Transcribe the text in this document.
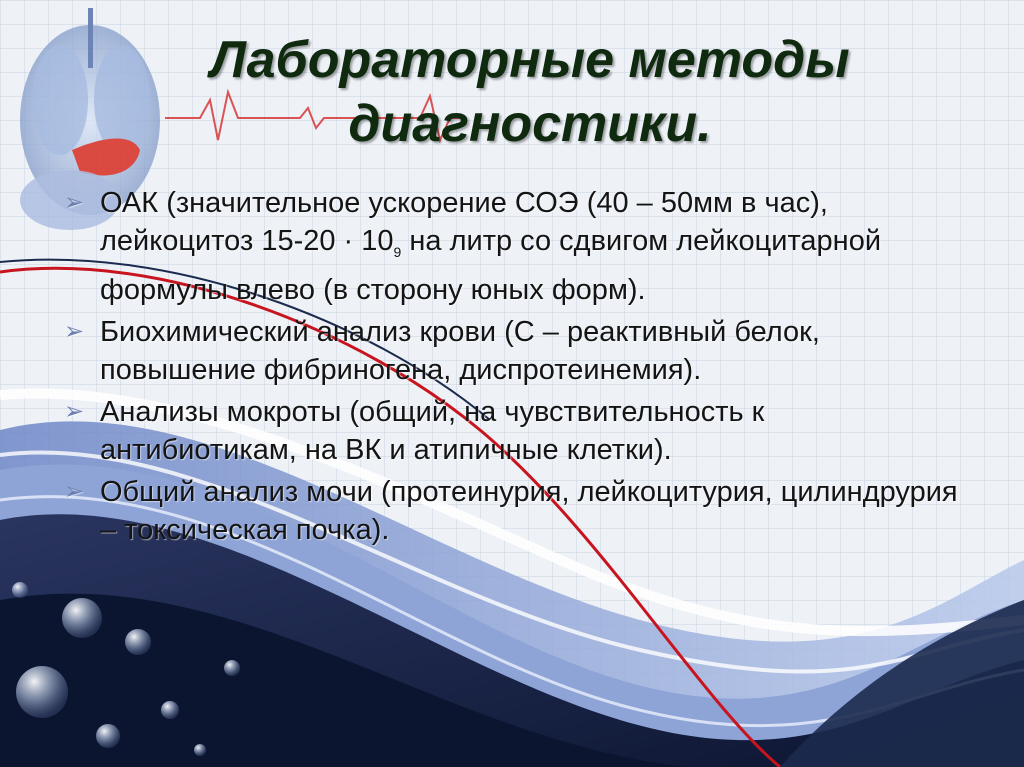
Лабораторные методы диагностики.
➢ ОАК (значительное ускорение СОЭ (40 – 50мм в час), лейкоцитоз $15-20 \cdot 10_9$ на литр со сдвигом лейкоцитарной формулы влево (в сторону юных форм).
➢ Биохимический анализ крови (С – реактивный белок, повышение фибриногена, диспротеинемия).
➢ Анализы мокроты (общий, на чувствительность к антибиотикам, на ВК и атипичные клетки).
➢ Общий анализ мочи (протеинурия, лейкоцитурия, цилиндрурия – токсическая почка).
